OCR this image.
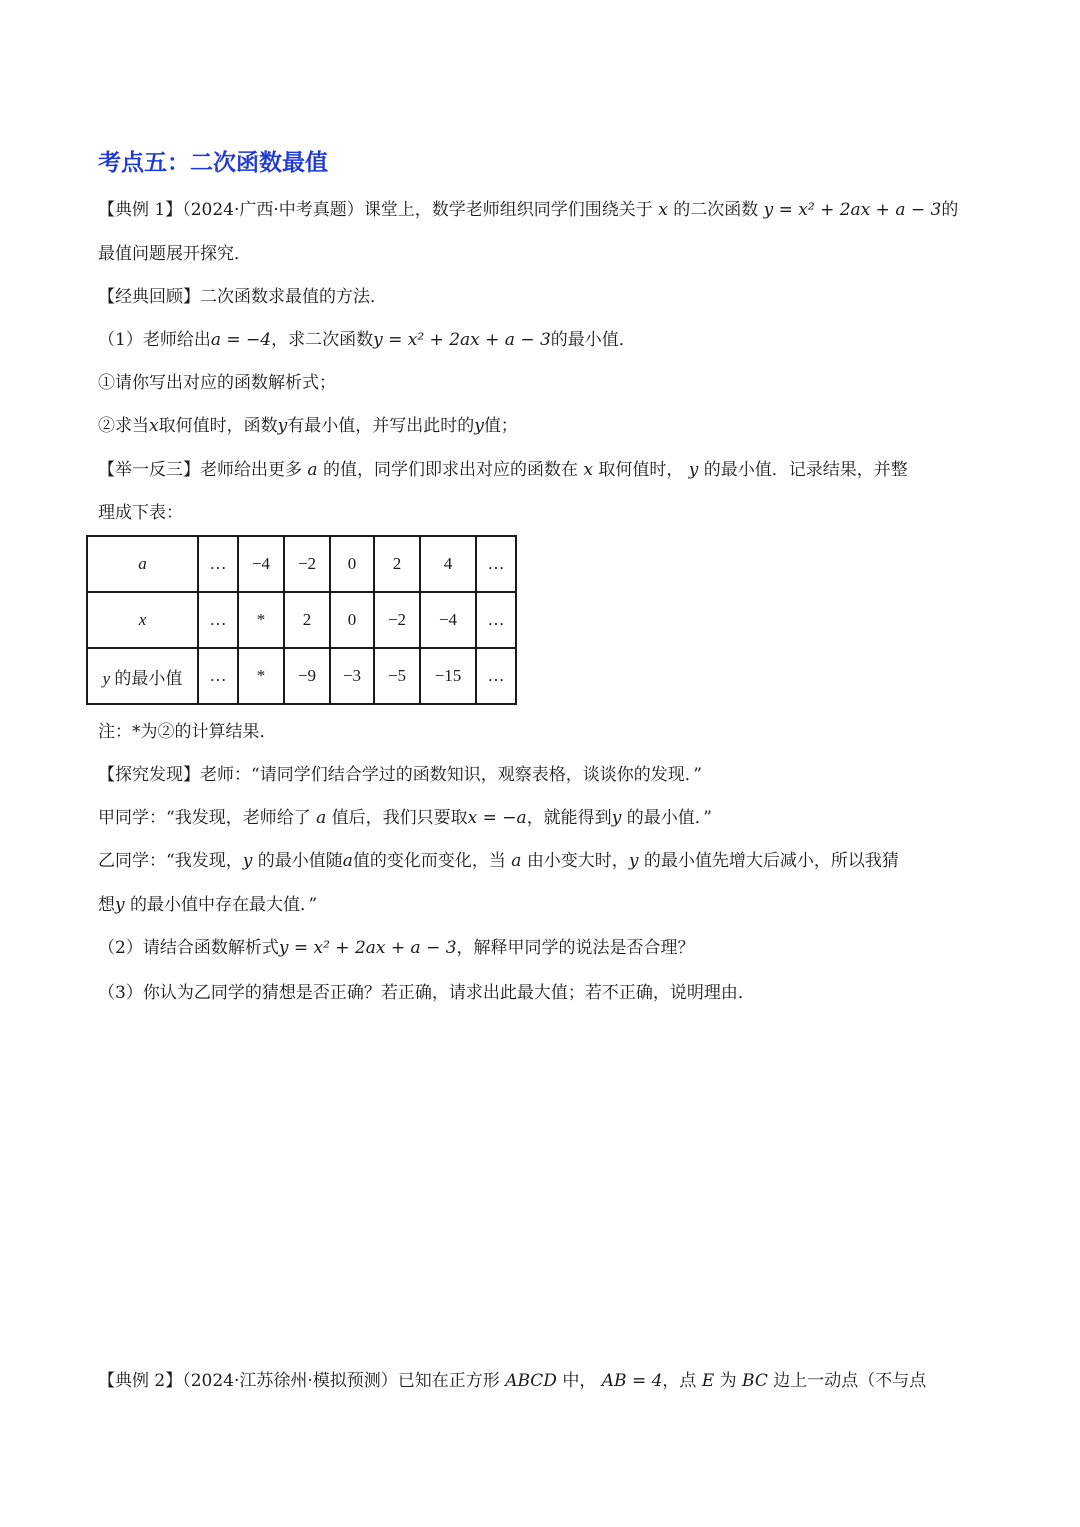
考点五：二次函数最值
【典例 1】（2024·广西·中考真题）课堂上，数学老师组织同学们围绕关于 x 的二次函数 y = x² + 2ax + a − 3的
最值问题展开探究．
【经典回顾】二次函数求最值的方法．
（1）老师给出a = −4，求二次函数y = x² + 2ax + a − 3的最小值．
①请你写出对应的函数解析式；
②求当x取何值时，函数y有最小值，并写出此时的y值；
【举一反三】老师给出更多 a 的值，同学们即求出对应的函数在 x 取何值时， y 的最小值．记录结果，并整
理成下表：
a	…	−4	−2	0	2	4	…
x	…	*	2	0	−2	−4	…
y 的最小值	…	*	−9	−3	−5	−15	…
注：*为②的计算结果．
【探究发现】老师：“请同学们结合学过的函数知识，观察表格，谈谈你的发现．”
甲同学：“我发现，老师给了 a 值后，我们只要取x = −a，就能得到y 的最小值．”
乙同学：“我发现，y 的最小值随a值的变化而变化，当 a 由小变大时，y 的最小值先增大后减小，所以我猜
想y 的最小值中存在最大值．”
（2）请结合函数解析式y = x² + 2ax + a − 3，解释甲同学的说法是否合理？
（3）你认为乙同学的猜想是否正确？若正确，请求出此最大值；若不正确，说明理由．
【典例 2】（2024·江苏徐州·模拟预测）已知在正方形 ABCD 中， AB = 4，点 E 为 BC 边上一动点（不与点
